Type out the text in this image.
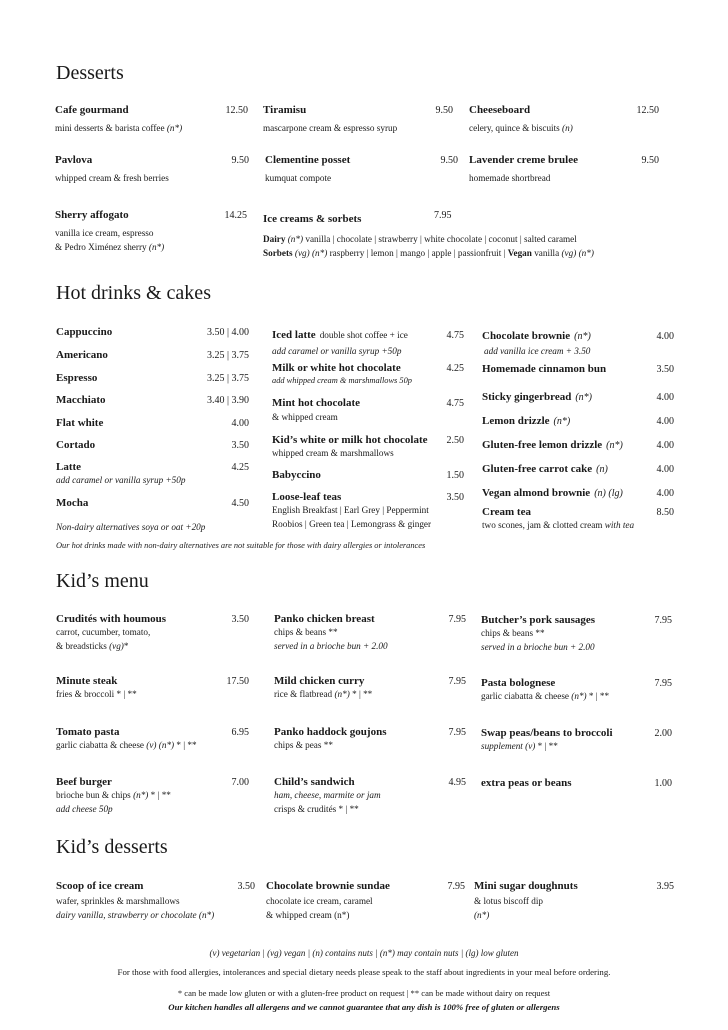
Desserts
Cafe gourmand	12.50
mini desserts & barista coffee (n*)
Tiramisu	9.50
mascarpone cream & espresso syrup
Cheeseboard	12.50
celery, quince & biscuits (n)
Pavlova	9.50
whipped cream & fresh berries
Clementine posset	9.50
kumquat compote
Lavender creme brulee	9.50
homemade shortbread
Sherry affogato	14.25
vanilla ice cream, espresso
& Pedro Ximénez sherry (n*)
Ice creams & sorbets	7.95
Dairy (n*) vanilla | chocolate | strawberry | white chocolate | coconut | salted caramel
Sorbets (vg) (n*) raspberry | lemon | mango | apple | passionfruit | Vegan vanilla (vg) (n*)
Hot drinks & cakes
Cappuccino	3.50 | 4.00
Americano	3.25 | 3.75
Espresso	3.25 | 3.75
Macchiato	3.40 | 3.90
Flat white	4.00
Cortado	3.50
Latte	4.25
add caramel or vanilla syrup +50p
Mocha	4.50
Non-dairy alternatives soya or oat +20p
Iced latte double shot coffee + ice	4.75
add caramel or vanilla syrup +50p
Milk or white hot chocolate	4.25
add whipped cream & marshmallows 50p
Mint hot chocolate	4.75
& whipped cream
Kid’s white or milk hot chocolate 2.50
whipped cream & marshmallows
Babyccino	1.50
Loose-leaf teas	3.50
English Breakfast | Earl Grey | Peppermint
Roobios | Green tea | Lemongrass & ginger
Chocolate brownie (n*)	4.00
add vanilla ice cream + 3.50
Homemade cinnamon bun	3.50
Sticky gingerbread (n*)	4.00
Lemon drizzle (n*)	4.00
Gluten-free lemon drizzle (n*)	4.00
Gluten-free carrot cake (n)	4.00
Vegan almond brownie (n) (lg)	4.00
Cream tea	8.50
two scones, jam & clotted cream with tea
Our hot drinks made with non-dairy alternatives are not suitable for those with dairy allergies or intolerances
Kid’s menu
Crudités with houmous	3.50
carrot, cucumber, tomato,
& breadsticks (vg)*
Minute steak	17.50
fries & broccoli * | **
Tomato pasta	6.95
garlic ciabatta & cheese (v) (n*) * | **
Beef burger	7.00
brioche bun & chips (n*) * | **
add cheese 50p
Panko chicken breast	7.95
chips & beans **
served in a brioche bun + 2.00
Mild chicken curry	7.95
rice & flatbread (n*) * | **
Panko haddock goujons	7.95
chips & peas **
Child’s sandwich	4.95
ham, cheese, marmite or jam
crisps & crudités * | **
Butcher’s pork sausages	7.95
chips & beans **
served in a brioche bun + 2.00
Pasta bolognese	7.95
garlic ciabatta & cheese (n*) * | **
Swap peas/beans to broccoli	2.00
supplement (v) * | **
extra peas or beans	1.00
Kid’s desserts
Scoop of ice cream	3.50
wafer, sprinkles & marshmallows
dairy vanilla, strawberry or chocolate (n*)
Chocolate brownie sundae	7.95
chocolate ice cream, caramel
& whipped cream (n*)
Mini sugar doughnuts	3.95
& lotus biscoff dip
(n*)
(v) vegetarian | (vg) vegan | (n) contains nuts | (n*) may contain nuts | (lg) low gluten
For those with food allergies, intolerances and special dietary needs please speak to the staff about ingredients in your meal before ordering.
* can be made low gluten or with a gluten-free product on request | ** can be made without dairy on request
Our kitchen handles all allergens and we cannot guarantee that any dish is 100% free of gluten or allergens
